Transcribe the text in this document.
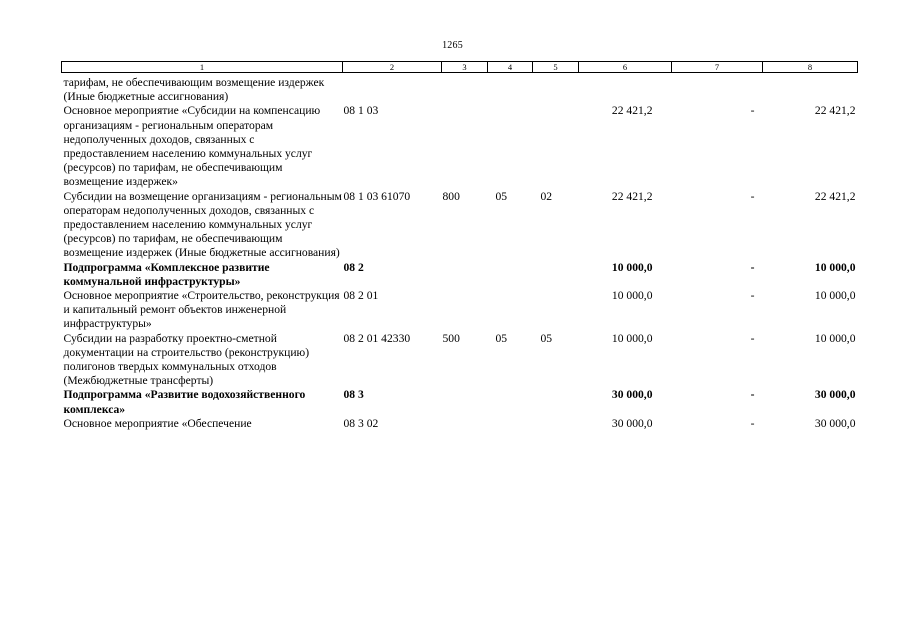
1265
1	2	3	4	5	6	7	8
тарифам, не обеспечивающим возмещение издержек (Иные бюджетные ассигнования)							
Основное мероприятие «Субсидии на компенсацию организациям - региональным операторам недополученных доходов, связанных с предоставлением населению коммунальных услуг (ресурсов) по тарифам, не обеспечивающим возмещение издержек»	08 1 03				22 421,2	-	22 421,2
Субсидии на возмещение организациям - региональным операторам недополученных доходов, связанных с предоставлением населению коммунальных услуг (ресурсов) по тарифам, не обеспечивающим возмещение издержек (Иные бюджетные ассигнования)	08 1 03 61070	800	05	02	22 421,2	-	22 421,2
Подпрограмма «Комплексное развитие коммунальной инфраструктуры»	08 2				10 000,0	-	10 000,0
Основное мероприятие «Строительство, реконструкция и капитальный ремонт объектов инженерной инфраструктуры»	08 2 01				10 000,0	-	10 000,0
Субсидии на разработку проектно-сметной документации на строительство (реконструкцию) полигонов твердых коммунальных отходов (Межбюджетные трансферты)	08 2 01 42330	500	05	05	10 000,0	-	10 000,0
Подпрограмма «Развитие водохозяйственного комплекса»	08 3				30 000,0	-	30 000,0
Основное мероприятие «Обеспечение	08 3 02				30 000,0	-	30 000,0
